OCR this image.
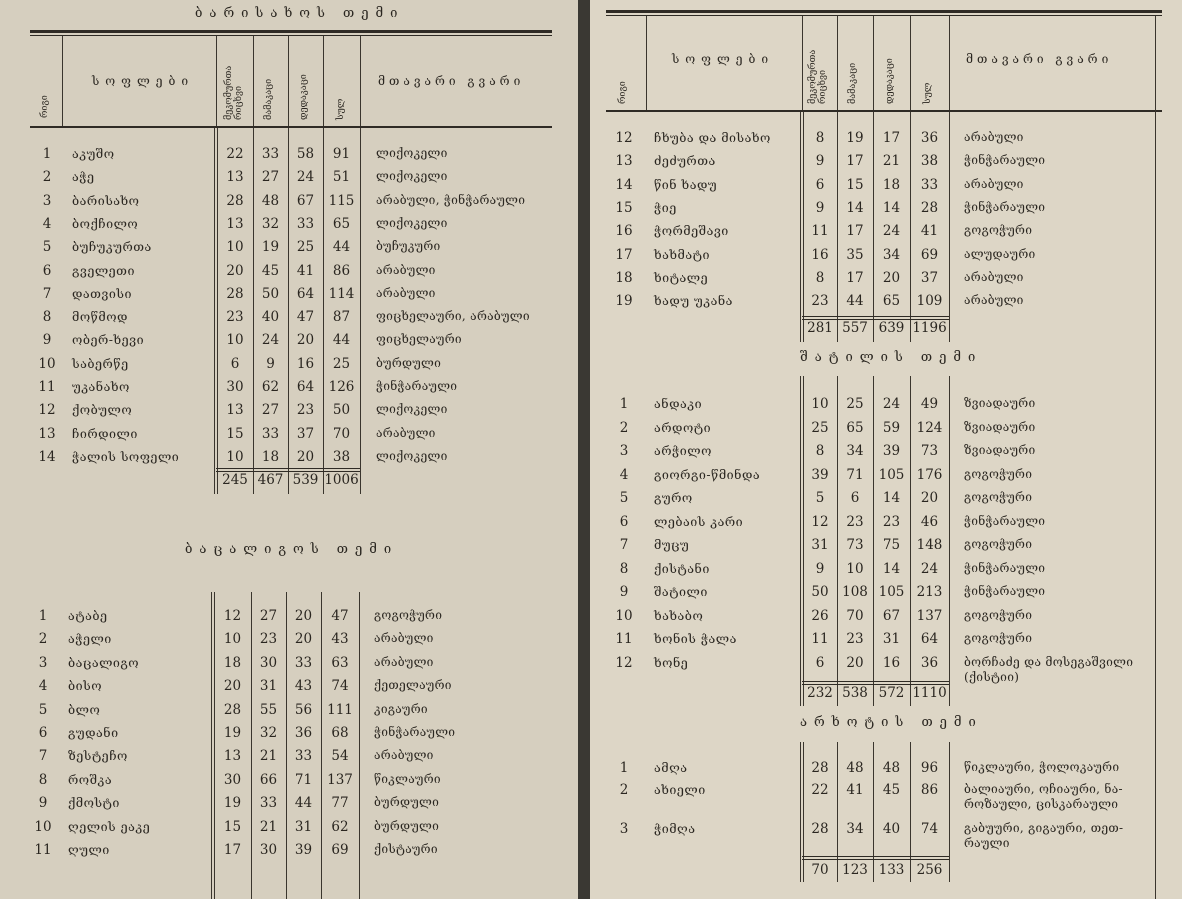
ბარისახოს თემი
რიგი
სოფლები	მეკომურთა რიცხვი მამაკაცი	დედაკაცი	სულ
მთავარი გვარი
1	აკუშო	22	33	58	91	ლიქოკელი
2	აჭე	13	27	24	51	ლიქოკელი
3	ბარისახო	28	48	67	115	არაბული, ჭინჭარაული
4	ბოქჩილო	13	32	33	65	ლიქოკელი
5	ბუჩუკურთა	10	19	25	44	ბუჩუკური
6	გველეთი	20	45	41	86	არაბული
7	დათვისი	28	50	64	114	არაბული
8	მოწმოდ	23	40	47	87	ფიცხელაური, არაბული
9	ობერ-ხევი	10	24	20	44	ფიცხელაური
10	საბერწე	6	9	16	25	ბურდული
11	უკანახო	30	62	64	126	ჭინჭარაული
12	ქობულო	13	27	23	50	ლიქოკელი
13	ჩირდილი	15	33	37	70	არაბული
14	ჭალის სოფელი	10	18	20	38	ლიქოკელი
245 467 539 1006
ბაცალიგოს თემი
1	ატაბე	12	27	20	47	გოგოჭური
2	აჭელი	10	23	20	43	არაბული
3	ბაცალიგო	18	30	33	63	არაბული
4	ბისო	20	31	43	74	ქეთელაური
5	ბლო	28	55	56	111	კიგაური
6	გუდანი	19	32	36	68	ჭინჭარაული
7	ზესტეჩო	13	21	33	54	არაბული
8	როშკა	30	66	71	137	წიკლაური
9	ქმოსტი	19	33	44	77	ბურდული
10	ღელის ეაკე	15	21	31	62	ბურდული
11	ღული	17	30	39	69	ქისტაური
რიგი
სოფლები	მეკომურთა რიცხვი მამაკაცი	დედაკაცი	სულ
მთავარი გვარი
12	ჩხუბა და მისახო	8	19	17	36	არაბული
13	ძეძურთა	9	17	21	38	ჭინჭარაული
14	წინ ხადუ	6	15	18	33	არაბული
15	ჭიე	9	14	14	28	ჭინჭარაული
16	ჭორმეშავი	11	17	24	41	გოგოჭური
17	ხახმატი	16	35	34	69	ალუდაური
18	ხიტალე	8	17	20	37	არაბული
19	ხადუ უკანა	23	44	65	109	არაბული
281 557 639 1196
შატილის თემი
1	ანდაკი	10	25	24	49	ზვიადაური
2	არდოტი	25	65	59	124	ზვიადაური
3	არჭილო	8	34	39	73	ზვიადაური
4	გიორგი-წმინდა	39	71	105 176	გოგოჭური
5	გურო	5	6	14	20	გოგოჭური
6	ლებაის კარი	12	23	23	46	ჭინჭარაული
7	მუცუ	31	73	75	148	გოგოჭური
8	ქისტანი	9	10	14	24	ჭინჭარაული
9	შატილი	50	108 105 213	ჭინჭარაული
10	ხახაბო	26	70	67	137	გოგოჭური
11	ხონის ჭალა	11	23	31	64	გოგოჭური
12	ხონე	6	20	16	36	ბორჩაძე და მოსეგაშვილი (ქისტიი)
232 538 572 1110
არხოტის თემი
1	ამღა	28	48	48	96	წიკლაური, ჭოლოკაური
2	ახიელი	22	41	45	86	ბალიაური, ოჩიაური, ნა- როზაული, ცისკარაული
3	ჭიმღა	28	34	40	74	გაბუური, გიგაური, თეთ- რაული
70	123 133 256
